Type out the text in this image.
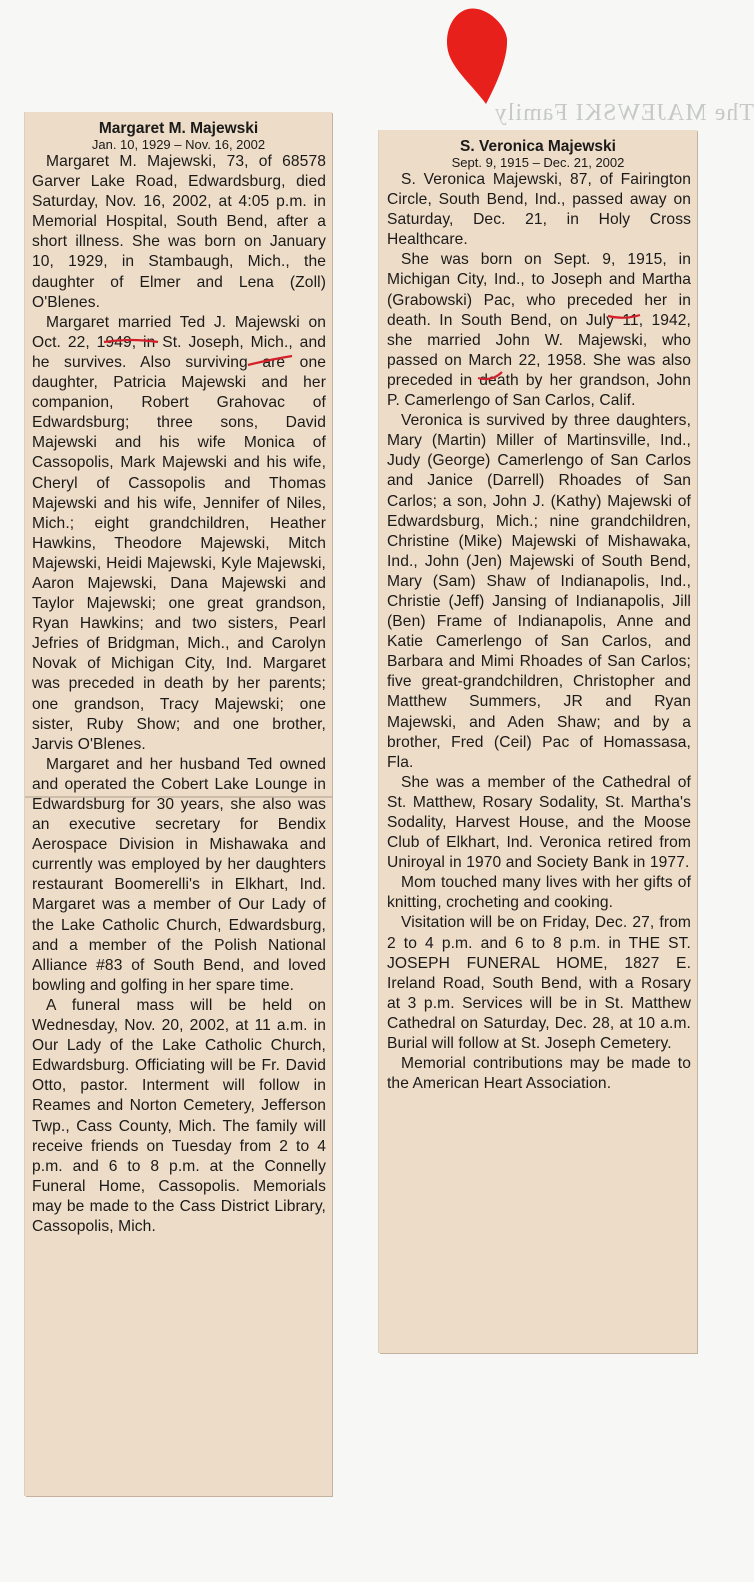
The MAJEWSKI Family
Margaret M. Majewski
Jan. 10, 1929 – Nov. 16, 2002

Margaret M. Majewski, 73, of 68578 Garver Lake Road, Edwardsburg, died Saturday, Nov. 16, 2002, at 4:05 p.m. in Memorial Hospital, South Bend, after a short illness. She was born on January 10, 1929, in Stambaugh, Mich., the daughter of Elmer and Lena (Zoll) O'Blenes.

Margaret married Ted J. Majewski on Oct. 22, 1949, in St. Joseph, Mich., and he survives. Also surviving are one daughter, Patricia Majewski and her companion, Robert Grahovac of Edwardsburg; three sons, David Majewski and his wife Monica of Cassopolis, Mark Majewski and his wife, Cheryl of Cassopolis and Thomas Majewski and his wife, Jennifer of Niles, Mich.; eight grandchildren, Heather Hawkins, Theodore Majewski, Mitch Majewski, Heidi Majewski, Kyle Majewski, Aaron Majewski, Dana Majewski and Taylor Majewski; one great grandson, Ryan Hawkins; and two sisters, Pearl Jefries of Bridgman, Mich., and Carolyn Novak of Michigan City, Ind. Margaret was preceded in death by her parents; one grandson, Tracy Majewski; one sister, Ruby Show; and one brother, Jarvis O'Blenes.

Margaret and her husband Ted owned and operated the Cobert Lake Lounge in Edwardsburg for 30 years, she also was an executive secretary for Bendix Aerospace Division in Mishawaka and currently was employed by her daughters restaurant Boomerelli's in Elkhart, Ind. Margaret was a member of Our Lady of the Lake Catholic Church, Edwardsburg, and a member of the Polish National Alliance #83 of South Bend, and loved bowling and golfing in her spare time.

A funeral mass will be held on Wednesday, Nov. 20, 2002, at 11 a.m. in Our Lady of the Lake Catholic Church, Edwardsburg. Officiating will be Fr. David Otto, pastor. Interment will follow in Reames and Norton Cemetery, Jefferson Twp., Cass County, Mich. The family will receive friends on Tuesday from 2 to 4 p.m. and 6 to 8 p.m. at the Connelly Funeral Home, Cassopolis. Memorials may be made to the Cass District Library, Cassopolis, Mich.

S. Veronica Majewski
Sept. 9, 1915 – Dec. 21, 2002

S. Veronica Majewski, 87, of Fairington Circle, South Bend, Ind., passed away on Saturday, Dec. 21, in Holy Cross Healthcare.

She was born on Sept. 9, 1915, in Michigan City, Ind., to Joseph and Martha (Grabowski) Pac, who preceded her in death. In South Bend, on July 11, 1942, she married John W. Majewski, who passed on March 22, 1958. She was also preceded in death by her grandson, John P. Camerlengo of San Carlos, Calif.

Veronica is survived by three daughters, Mary (Martin) Miller of Martinsville, Ind., Judy (George) Camerlengo of San Carlos and Janice (Darrell) Rhoades of San Carlos; a son, John J. (Kathy) Majewski of Edwardsburg, Mich.; nine grandchildren, Christine (Mike) Majewski of Mishawaka, Ind., John (Jen) Majewski of South Bend, Mary (Sam) Shaw of Indianapolis, Ind., Christie (Jeff) Jansing of Indianapolis, Jill (Ben) Frame of Indianapolis, Anne and Katie Camerlengo of San Carlos, and Barbara and Mimi Rhoades of San Carlos; five great-grandchildren, Christopher and Matthew Summers, JR and Ryan Majewski, and Aden Shaw; and by a brother, Fred (Ceil) Pac of Homassasa, Fla.

She was a member of the Cathedral of St. Matthew, Rosary Sodality, St. Martha's Sodality, Harvest House, and the Moose Club of Elkhart, Ind. Veronica retired from Uniroyal in 1970 and Society Bank in 1977.

Mom touched many lives with her gifts of knitting, crocheting and cooking.

Visitation will be on Friday, Dec. 27, from 2 to 4 p.m. and 6 to 8 p.m. in THE ST. JOSEPH FUNERAL HOME, 1827 E. Ireland Road, South Bend, with a Rosary at 3 p.m. Services will be in St. Matthew Cathedral on Saturday, Dec. 28, at 10 a.m. Burial will follow at St. Joseph Cemetery.

Memorial contributions may be made to the American Heart Association.
